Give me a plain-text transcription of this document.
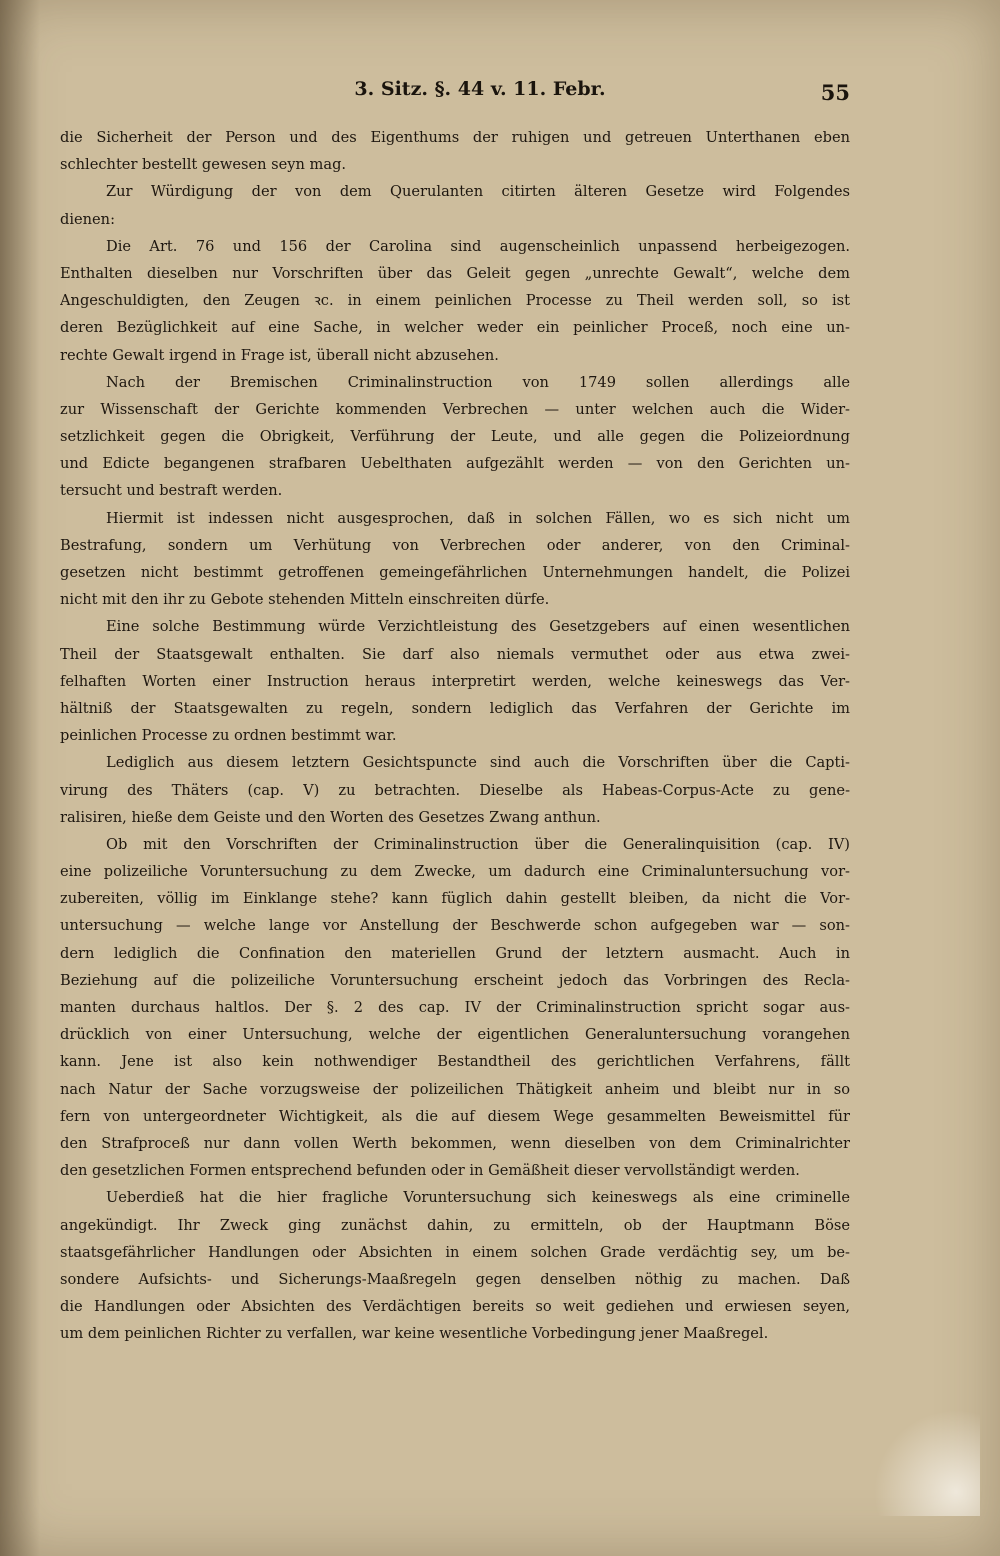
3. Sitz. §. 44 v. 11. Febr.	55
die Sicherheit der Person und des Eigenthums der ruhigen und getreuen Unterthanen eben
schlechter bestellt gewesen seyn mag.
Zur Würdigung der von dem Querulanten citirten älteren Gesetze wird Folgendes
dienen:
Die Art. 76 und 156 der Carolina sind augenscheinlich unpassend herbeigezogen.
Enthalten dieselben nur Vorschriften über das Geleit gegen „unrechte Gewalt“, welche dem
Angeschuldigten, den Zeugen ꝛc. in einem peinlichen Processe zu Theil werden soll, so ist
deren Bezüglichkeit auf eine Sache, in welcher weder ein peinlicher Proceß, noch eine un-
rechte Gewalt irgend in Frage ist, überall nicht abzusehen.
Nach der Bremischen Criminalinstruction von 1749 sollen allerdings alle
zur Wissenschaft der Gerichte kommenden Verbrechen — unter welchen auch die Wider-
setzlichkeit gegen die Obrigkeit, Verführung der Leute, und alle gegen die Polizeiordnung
und Edicte begangenen strafbaren Uebelthaten aufgezählt werden — von den Gerichten un-
tersucht und bestraft werden.
Hiermit ist indessen nicht ausgesprochen, daß in solchen Fällen, wo es sich nicht um
Bestrafung, sondern um Verhütung von Verbrechen oder anderer, von den Criminal-
gesetzen nicht bestimmt getroffenen gemeingefährlichen Unternehmungen handelt, die Polizei
nicht mit den ihr zu Gebote stehenden Mitteln einschreiten dürfe.
Eine solche Bestimmung würde Verzichtleistung des Gesetzgebers auf einen wesentlichen
Theil der Staatsgewalt enthalten. Sie darf also niemals vermuthet oder aus etwa zwei-
felhaften Worten einer Instruction heraus interpretirt werden, welche keineswegs das Ver-
hältniß der Staatsgewalten zu regeln, sondern lediglich das Verfahren der Gerichte im
peinlichen Processe zu ordnen bestimmt war.
Lediglich aus diesem letztern Gesichtspuncte sind auch die Vorschriften über die Capti-
virung des Thäters (cap. V) zu betrachten. Dieselbe als Habeas-Corpus-Acte zu gene-
ralisiren, hieße dem Geiste und den Worten des Gesetzes Zwang anthun.
Ob mit den Vorschriften der Criminalinstruction über die Generalinquisition (cap. IV)
eine polizeiliche Voruntersuchung zu dem Zwecke, um dadurch eine Criminaluntersuchung vor-
zubereiten, völlig im Einklange stehe? kann füglich dahin gestellt bleiben, da nicht die Vor-
untersuchung — welche lange vor Anstellung der Beschwerde schon aufgegeben war — son-
dern lediglich die Confination den materiellen Grund der letztern ausmacht. Auch in
Beziehung auf die polizeiliche Voruntersuchung erscheint jedoch das Vorbringen des Recla-
manten durchaus haltlos. Der §. 2 des cap. IV der Criminalinstruction spricht sogar aus-
drücklich von einer Untersuchung, welche der eigentlichen Generaluntersuchung vorangehen
kann. Jene ist also kein nothwendiger Bestandtheil des gerichtlichen Verfahrens, fällt
nach Natur der Sache vorzugsweise der polizeilichen Thätigkeit anheim und bleibt nur in so
fern von untergeordneter Wichtigkeit, als die auf diesem Wege gesammelten Beweismittel für
den Strafproceß nur dann vollen Werth bekommen, wenn dieselben von dem Criminalrichter
den gesetzlichen Formen entsprechend befunden oder in Gemäßheit dieser vervollständigt werden.
Ueberdieß hat die hier fragliche Voruntersuchung sich keineswegs als eine criminelle
angekündigt. Ihr Zweck ging zunächst dahin, zu ermitteln, ob der Hauptmann Böse
staatsgefährlicher Handlungen oder Absichten in einem solchen Grade verdächtig sey, um be-
sondere Aufsichts- und Sicherungs-Maaßregeln gegen denselben nöthig zu machen. Daß
die Handlungen oder Absichten des Verdächtigen bereits so weit gediehen und erwiesen seyen,
um dem peinlichen Richter zu verfallen, war keine wesentliche Vorbedingung jener Maaßregel.
